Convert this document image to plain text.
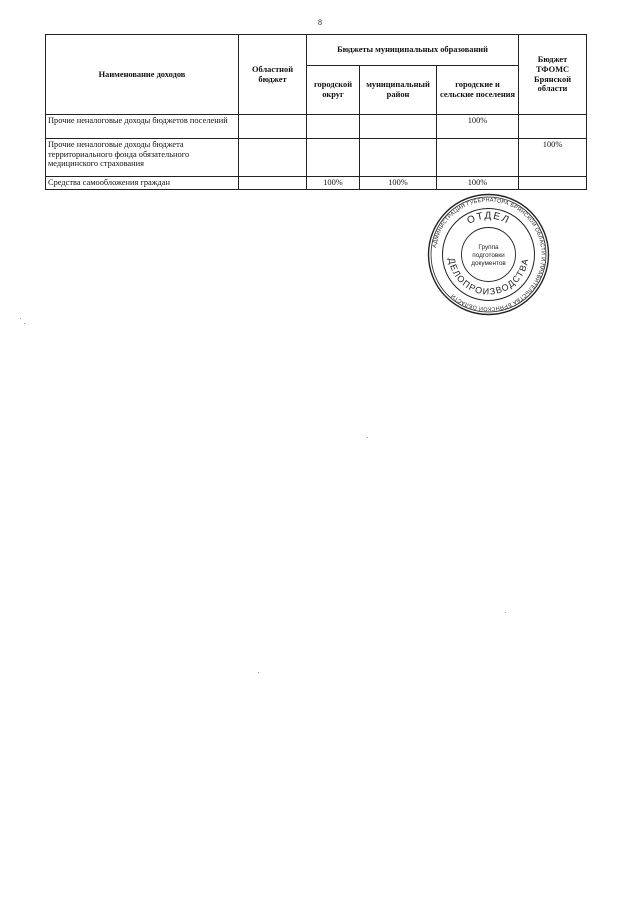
8
Наименование доходов	Областной бюджет	Бюджеты муниципальных образований			Бюджет ТФОМС Брянской области
		городской округ	муниципальный район	городские и сельские поселения	
Прочие неналоговые доходы бюджетов поселений				100%	
Прочие неналоговые доходы бюджета территориального фонда обязательного медицинского страхования					100%
Средства самообложения граждан		100%	100%	100%	
АДМИНИСТРАЦИЯ ГУБЕРНАТОРА БРЯНСКОЙ ОБЛАСТИ И ПРАВИТЕЛЬСТВА БРЯНСКОЙ ОБЛАСТИ
ОТДЕЛ
ДЕЛОПРОИЗВОДСТВА
Группа
подготовки
документов
